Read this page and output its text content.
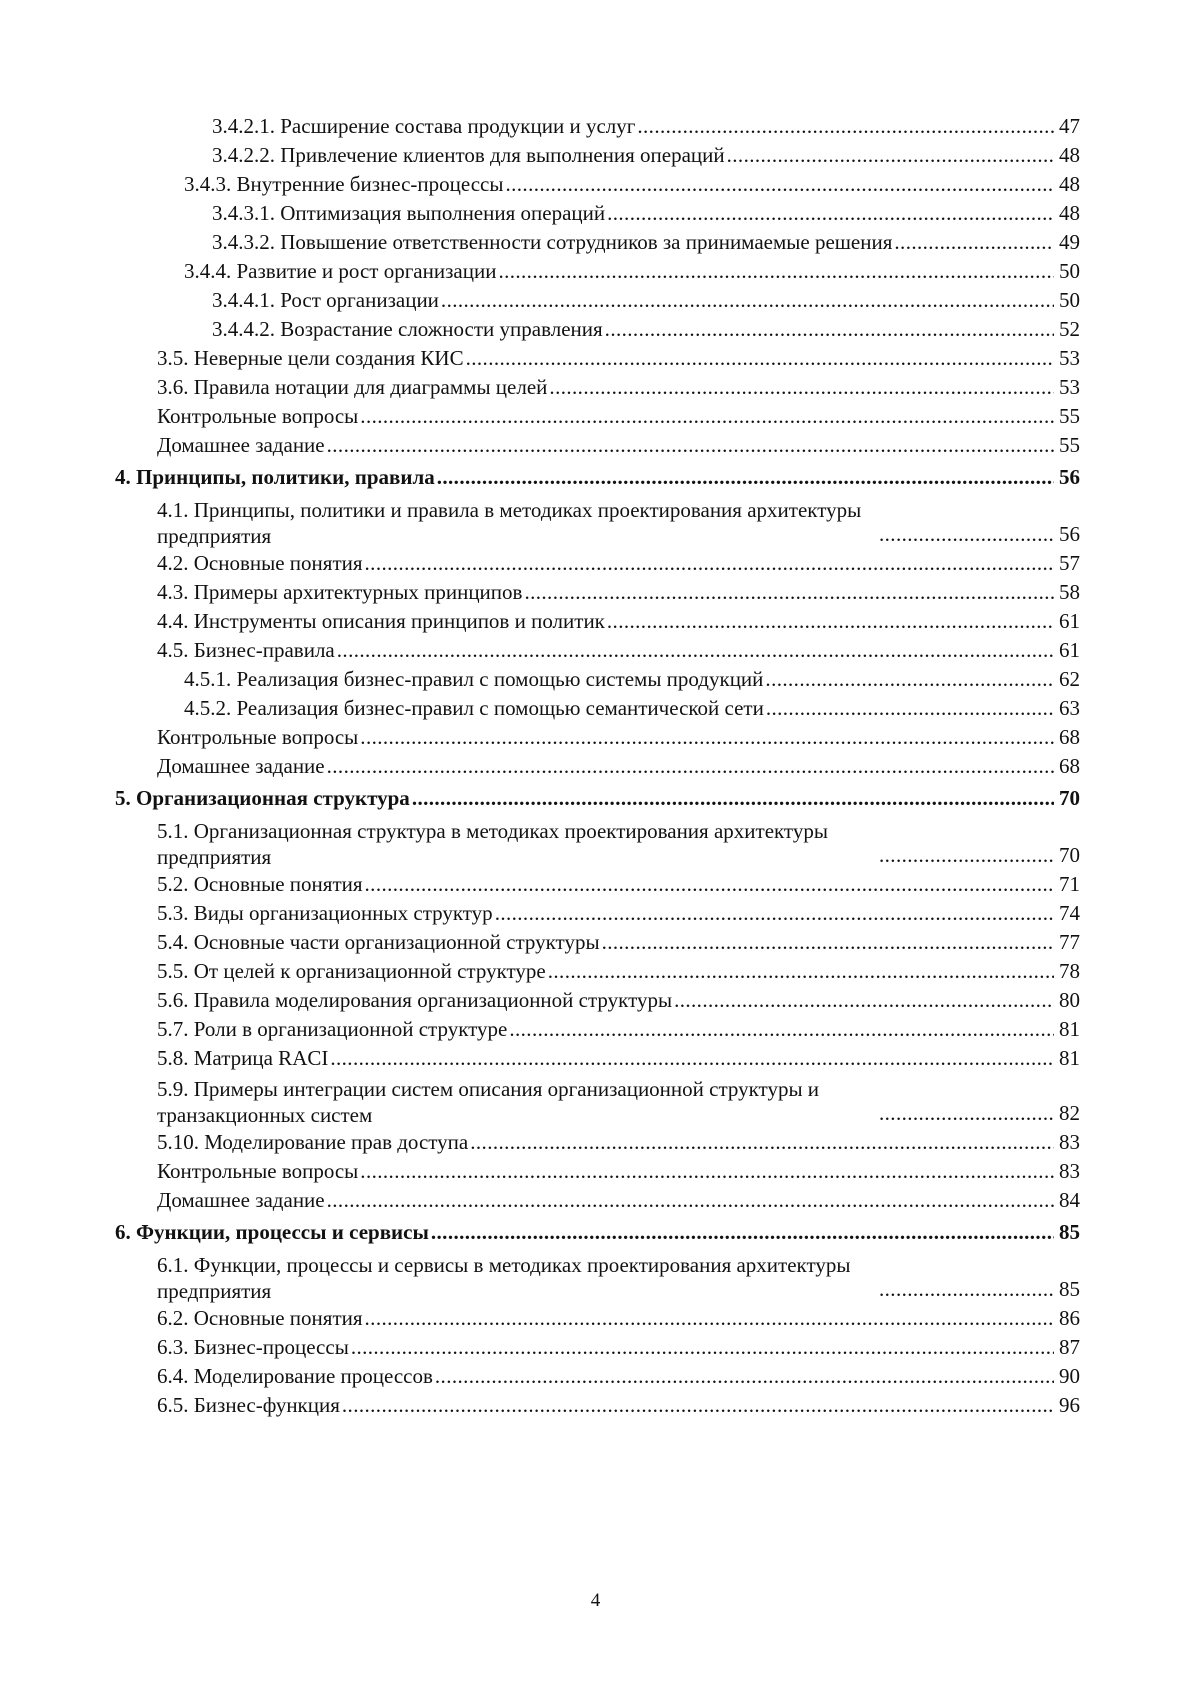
3.4.2.1. Расширение состава продукции и услуг .....	47
3.4.2.2. Привлечение клиентов для выполнения операций .....	48
3.4.3. Внутренние бизнес-процессы .....	48
3.4.3.1. Оптимизация выполнения операций .....	48
3.4.3.2. Повышение ответственности сотрудников за принимаемые решения .....	49
3.4.4. Развитие и рост организации .....	50
3.4.4.1. Рост организации .....	50
3.4.4.2. Возрастание сложности управления .....	52
3.5. Неверные цели создания КИС .....	53
3.6. Правила нотации для диаграммы целей .....	53
Контрольные вопросы .....	55
Домашнее задание .....	55
4. Принципы, политики, правила .....	56
4.1. Принципы, политики и правила в методиках проектирования архитектуры предприятия .....	56
4.2. Основные понятия .....	57
4.3. Примеры архитектурных принципов .....	58
4.4. Инструменты описания принципов и политик .....	61
4.5. Бизнес-правила .....	61
4.5.1. Реализация бизнес-правил с помощью системы продукций .....	62
4.5.2. Реализация бизнес-правил с помощью семантической сети .....	63
Контрольные вопросы .....	68
Домашнее задание .....	68
5. Организационная структура .....	70
5.1. Организационная структура в методиках проектирования архитектуры предприятия .....	70
5.2. Основные понятия .....	71
5.3. Виды организационных структур .....	74
5.4. Основные части организационной структуры .....	77
5.5. От целей к организационной структуре .....	78
5.6. Правила моделирования организационной структуры .....	80
5.7. Роли в организационной структуре .....	81
5.8. Матрица RACI .....	81
5.9. Примеры интеграции систем описания организационной структуры и транзакционных систем .....	82
5.10. Моделирование прав доступа .....	83
Контрольные вопросы .....	83
Домашнее задание .....	84
6. Функции, процессы и сервисы .....	85
6.1. Функции, процессы и сервисы в методиках проектирования архитектуры предприятия .....	85
6.2. Основные понятия .....	86
6.3. Бизнес-процессы .....	87
6.4. Моделирование процессов .....	90
6.5. Бизнес-функция .....	96
4
